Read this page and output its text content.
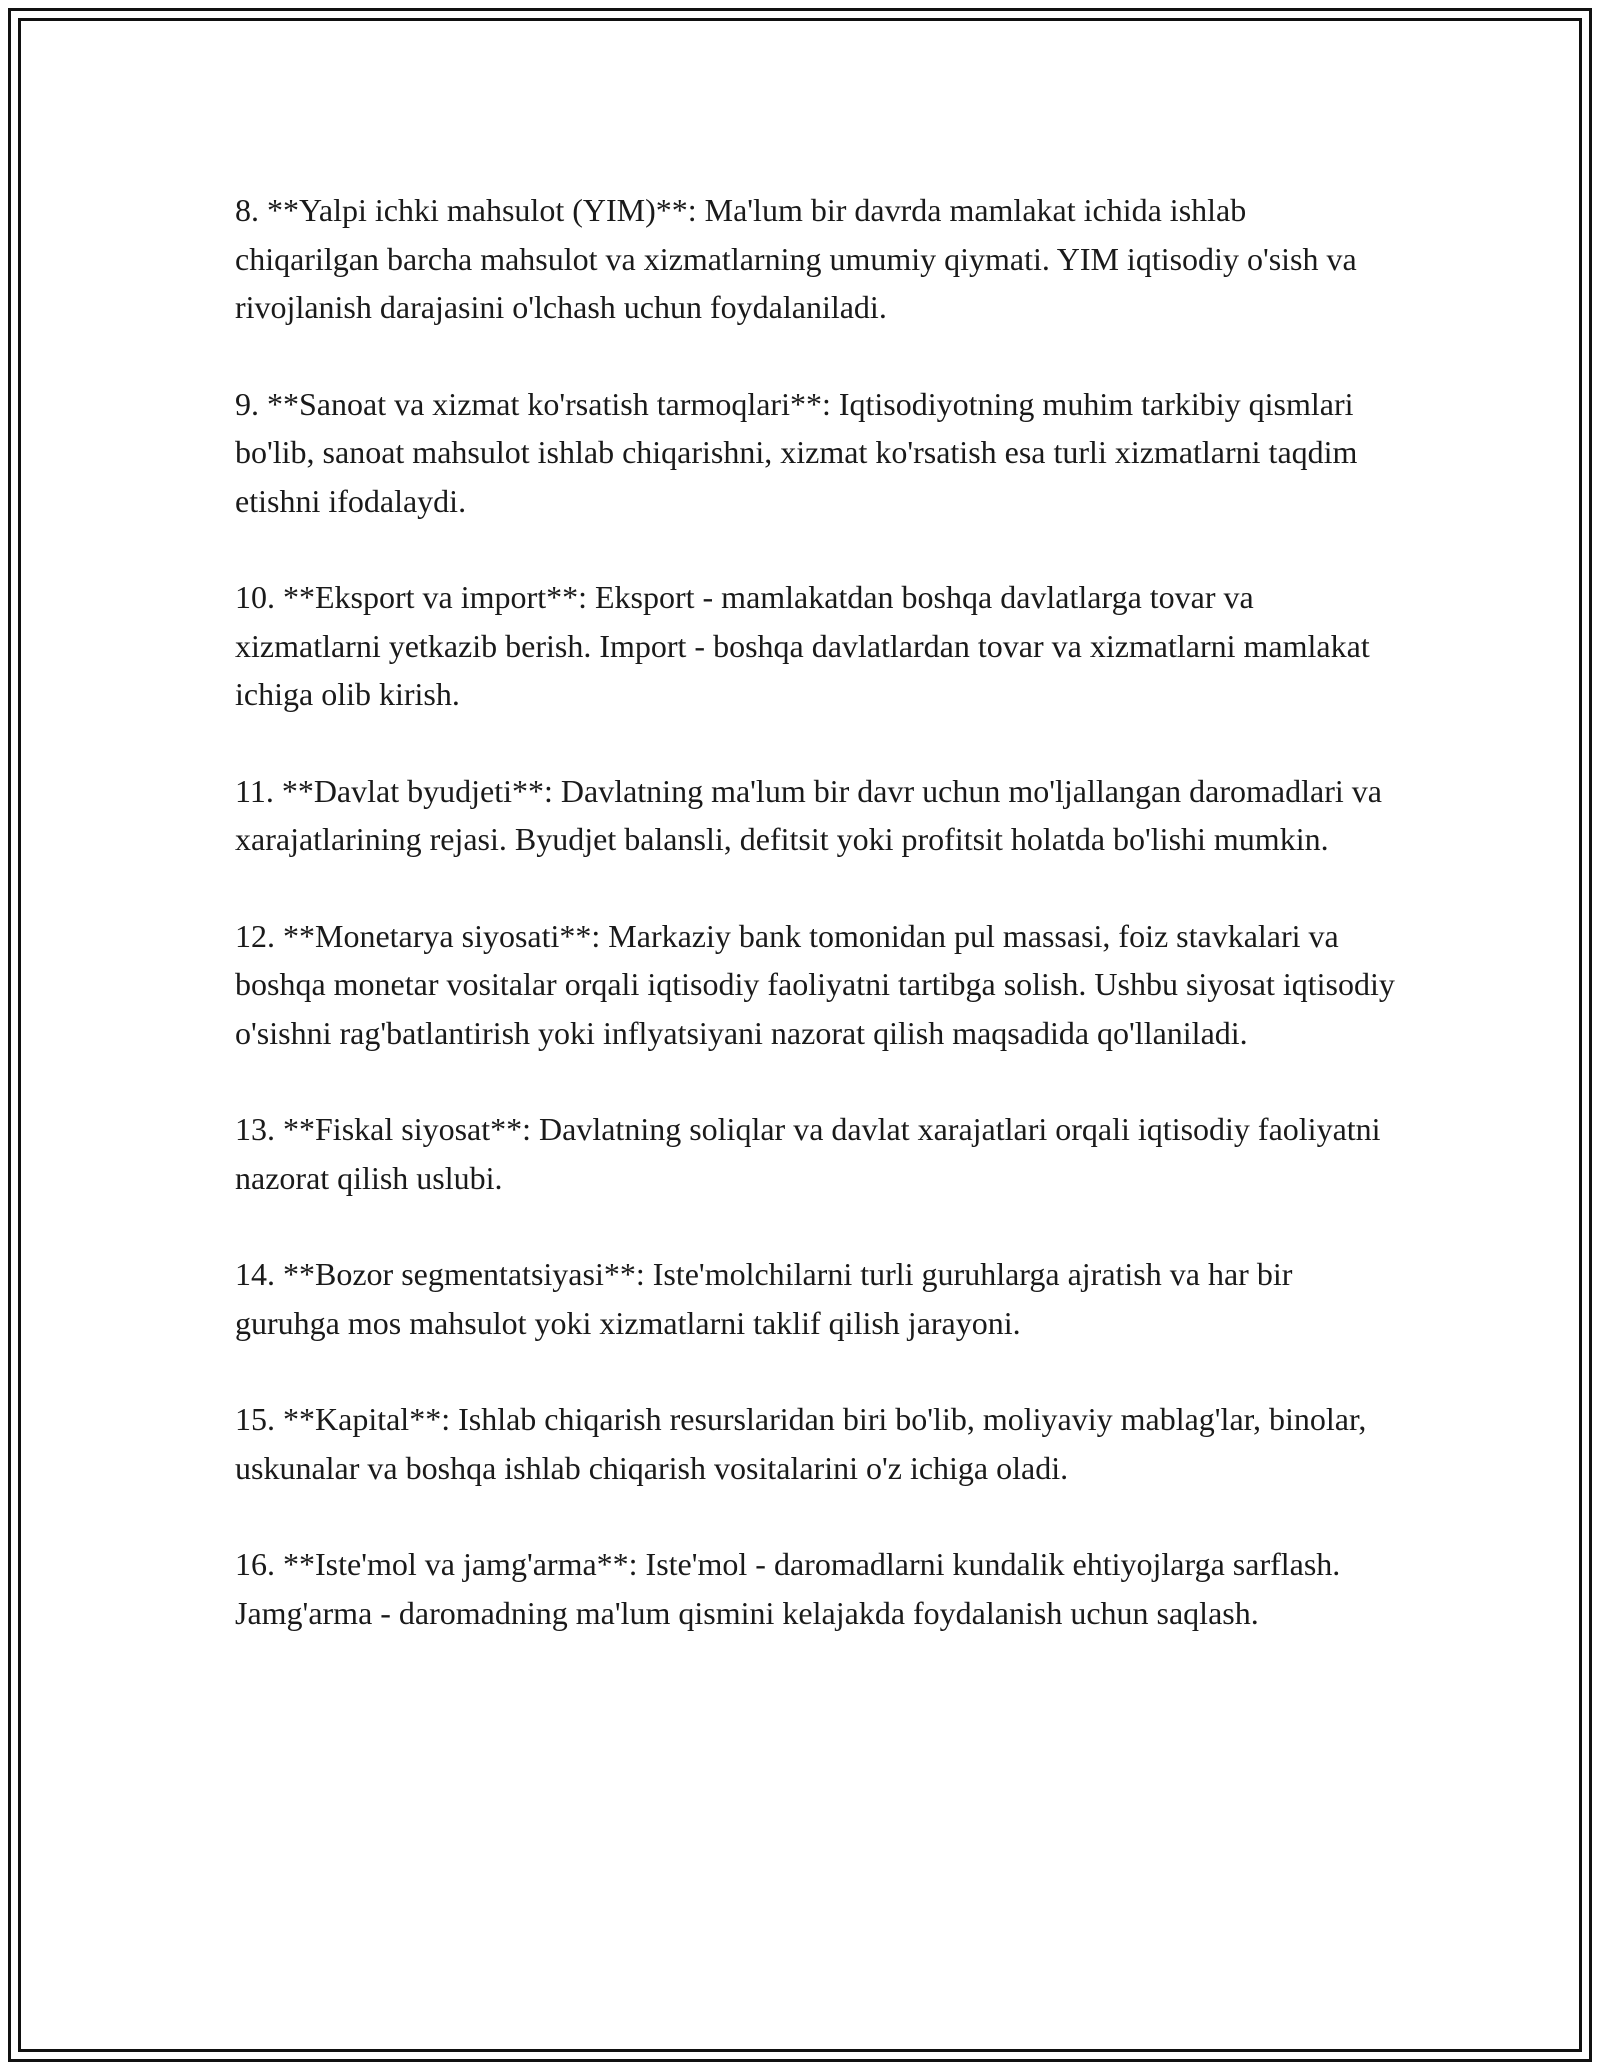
8. **Yalpi ichki mahsulot (YIM)**: Ma'lum bir davrda mamlakat ichida ishlab chiqarilgan barcha mahsulot va xizmatlarning umumiy qiymati. YIM iqtisodiy o'sish va rivojlanish darajasini o'lchash uchun foydalaniladi.

9. **Sanoat va xizmat ko'rsatish tarmoqlari**: Iqtisodiyotning muhim tarkibiy qismlari bo'lib, sanoat mahsulot ishlab chiqarishni, xizmat ko'rsatish esa turli xizmatlarni taqdim etishni ifodalaydi.

10. **Eksport va import**: Eksport - mamlakatdan boshqa davlatlarga tovar va xizmatlarni yetkazib berish. Import - boshqa davlatlardan tovar va xizmatlarni mamlakat ichiga olib kirish.

11. **Davlat byudjeti**: Davlatning ma'lum bir davr uchun mo'ljallangan daromadlari va xarajatlarining rejasi. Byudjet balansli, defitsit yoki profitsit holatda bo'lishi mumkin.

12. **Monetarya siyosati**: Markaziy bank tomonidan pul massasi, foiz stavkalari va boshqa monetar vositalar orqali iqtisodiy faoliyatni tartibga solish. Ushbu siyosat iqtisodiy o'sishni rag'batlantirish yoki inflyatsiyani nazorat qilish maqsadida qo'llaniladi.

13. **Fiskal siyosat**: Davlatning soliqlar va davlat xarajatlari orqali iqtisodiy faoliyatni nazorat qilish uslubi.

14. **Bozor segmentatsiyasi**: Iste'molchilarni turli guruhlarga ajratish va har bir guruhga mos mahsulot yoki xizmatlarni taklif qilish jarayoni.

15. **Kapital**: Ishlab chiqarish resurslaridan biri bo'lib, moliyaviy mablag'lar, binolar, uskunalar va boshqa ishlab chiqarish vositalarini o'z ichiga oladi.

16. **Iste'mol va jamg'arma**: Iste'mol - daromadlarni kundalik ehtiyojlarga sarflash. Jamg'arma - daromadning ma'lum qismini kelajakda foydalanish uchun saqlash.
